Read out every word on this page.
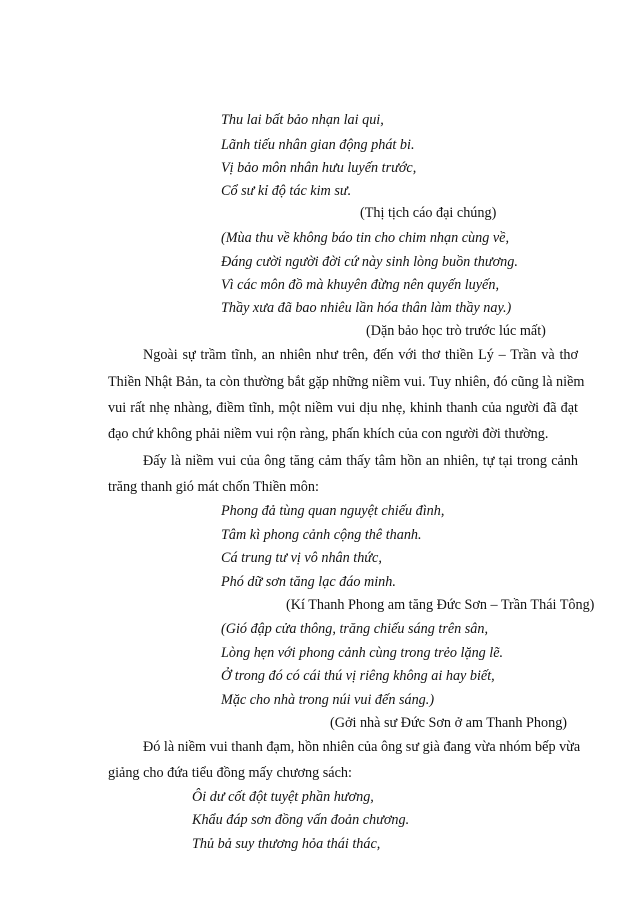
Thu lai bất bảo nhạn lai qui,
Lãnh tiếu nhân gian động phát bi.
Vị bảo môn nhân hưu luyến trước,
Cổ sư kỉ độ tác kim sư.
(Thị tịch cáo đại chúng)
(Mùa thu về không báo tin cho chim nhạn cùng về,
Đáng cười người đời cứ này sinh lòng buồn thương.
Vì các môn đồ mà khuyên đừng nên quyến luyến,
Thầy xưa đã bao nhiêu lần hóa thân làm thầy nay.)
(Dặn bảo học trò trước lúc mất)
Ngoài sự trầm tĩnh, an nhiên như trên, đến với thơ thiền Lý – Trần và thơ
Thiền Nhật Bản, ta còn thường bắt gặp những niềm vui. Tuy nhiên, đó cũng là niềm
vui rất nhẹ nhàng, điềm tĩnh, một niềm vui dịu nhẹ, khinh thanh của người đã đạt
đạo chứ không phải niềm vui rộn ràng, phấn khích của con người đời thường.
Đấy là niềm vui của ông tăng cảm thấy tâm hồn an nhiên, tự tại trong cảnh
trăng thanh gió mát chốn Thiền môn:
Phong đả tùng quan nguyệt chiếu đình,
Tâm kì phong cảnh cộng thê thanh.
Cá trung tư vị vô nhân thức,
Phó dữ sơn tăng lạc đáo minh.
(Kí Thanh Phong am tăng Đức Sơn – Trần Thái Tông)
(Gió đập cửa thông, trăng chiếu sáng trên sân,
Lòng hẹn với phong cảnh cùng trong trẻo lặng lẽ.
Ở trong đó có cái thú vị riêng không ai hay biết,
Mặc cho nhà trong núi vui đến sáng.)
(Gởi nhà sư Đức Sơn ở am Thanh Phong)
Đó là niềm vui thanh đạm, hồn nhiên của ông sư già đang vừa nhóm bếp vừa
giảng cho đứa tiểu đồng mấy chương sách:
Ôi dư cốt đột tuyệt phần hương,
Khẩu đáp sơn đồng vấn đoản chương.
Thủ bả suy thương hỏa thái thác,
